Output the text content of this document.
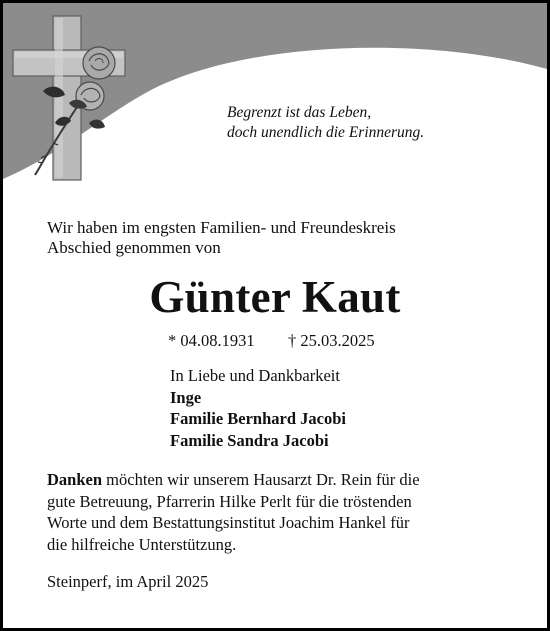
Begrenzt ist das Leben,
doch unendlich die Erinnerung.
Wir haben im engsten Familien- und Freundeskreis
Abschied genommen von
Günter Kaut
* 04.08.1931 † 25.03.2025
In Liebe und Dankbarkeit
Inge
Familie Bernhard Jacobi
Familie Sandra Jacobi
Danken möchten wir unserem Hausarzt Dr. Rein für die
gute Betreuung, Pfarrerin Hilke Perlt für die tröstenden
Worte und dem Bestattungsinstitut Joachim Hankel für
die hilfreiche Unterstützung.
Steinperf, im April 2025
